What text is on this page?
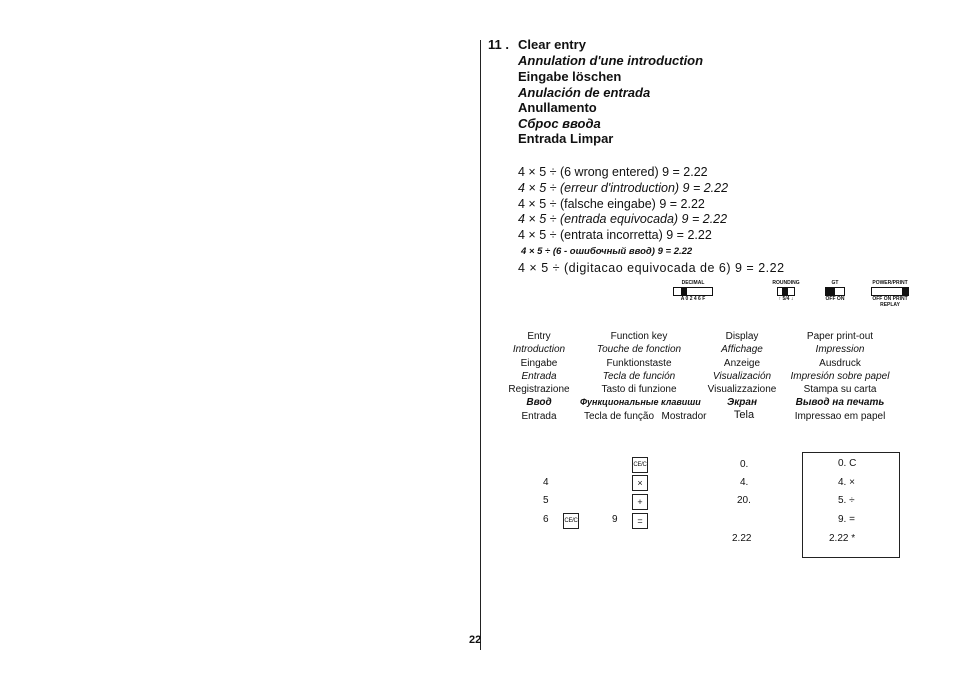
11 . Clear entry
Annulation d'une introduction
Eingabe löschen
Anulación de entrada
Anullamento
Сброс ввода
Entrada Limpar
4 × 5 ÷ (6 wrong entered) 9 = 2.22
4 × 5 ÷ (erreur d'introduction) 9 = 2.22
4 × 5 ÷ (falsche eingabe) 9 = 2.22
4 × 5 ÷ (entrada equivocada) 9 = 2.22
4 × 5 ÷ (entrata incorretta) 9 = 2.22
4 × 5 ÷ (6 - ошибочный ввод) 9 = 2.22
4 × 5 ÷ (digitacao equivocada de 6) 9 = 2.22
DECIMAL
A 0 2 4 6 F
ROUNDING
↑ 5/4 ↓
GT
OFF ON
POWER/PRINT
OFF ON PRINT
REPLAY
Entry
Introduction
Eingabe
Entrada
Registrazione
Ввод
Entrada
Function key
Touche de fonction
Funktionstaste
Tecla de función
Tasto di funzione
Функциональные клавиши
Tecla de função
Display
Affichage
Anzeige
Visualización
Visualizzazione
Экран
Mostrador	Tela
Paper print-out
Impression
Ausdruck
Impresión sobre papel
Stampa su carta
Вывод на печать
Impressao em papel
4
5
6	9
CE/C
×
+
=
CE/C
0.
4.
20.
2.22
0. C
4. ×
5. ÷
9. =
2.22 *
22
